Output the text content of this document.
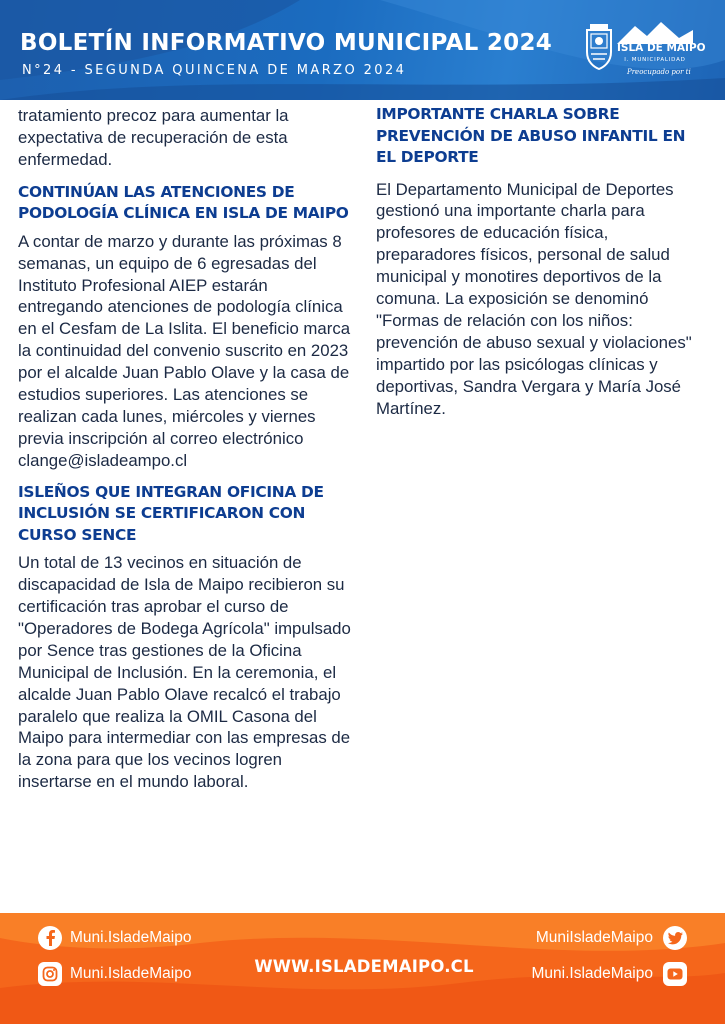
BOLETÍN INFORMATIVO MUNICIPAL 2024
N°24 - SEGUNDA QUINCENA DE MARZO 2024
ISLA DE MAIPO
I. MUNICIPALIDAD
Preocupado por ti

tratamiento precoz para aumentar la expectativa de recuperación de esta enfermedad.

CONTINÚAN LAS ATENCIONES DE PODOLOGÍA CLÍNICA EN ISLA DE MAIPO

A contar de marzo y durante las próximas 8 semanas, un equipo de 6 egresadas del Instituto Profesional AIEP estarán entregando atenciones de podología clínica en el Cesfam de La Islita. El beneficio marca la continuidad del convenio suscrito en 2023 por el alcalde Juan Pablo Olave y la casa de estudios superiores. Las atenciones se realizan cada lunes, miércoles y viernes previa inscripción al correo electrónico clange@isladeampo.cl

ISLEÑOS QUE INTEGRAN OFICINA DE INCLUSIÓN SE CERTIFICARON CON CURSO SENCE

Un total de 13 vecinos en situación de discapacidad de Isla de Maipo recibieron su certificación tras aprobar el curso de "Operadores de Bodega Agrícola" impulsado por Sence tras gestiones de la Oficina Municipal de Inclusión. En la ceremonia, el alcalde Juan Pablo Olave recalcó el trabajo paralelo que realiza la OMIL Casona del Maipo para intermediar con las empresas de la zona para que los vecinos logren insertarse en el mundo laboral.

IMPORTANTE CHARLA SOBRE PREVENCIÓN DE ABUSO INFANTIL EN EL DEPORTE

El Departamento Municipal de Deportes gestionó una importante charla para profesores de educación física, preparadores físicos, personal de salud municipal y monotires deportivos de la comuna. La exposición se denominó "Formas de relación con los niños: prevención de abuso sexual y violaciones" impartido por las psicólogas clínicas y deportivas, Sandra Vergara y María José Martínez.

Muni.IsladeMaipo
Muni.IsladeMaipo	WWW.ISLADEMAIPO.CL
MuniIsladeMaipo
Muni.IsladeMaipo
